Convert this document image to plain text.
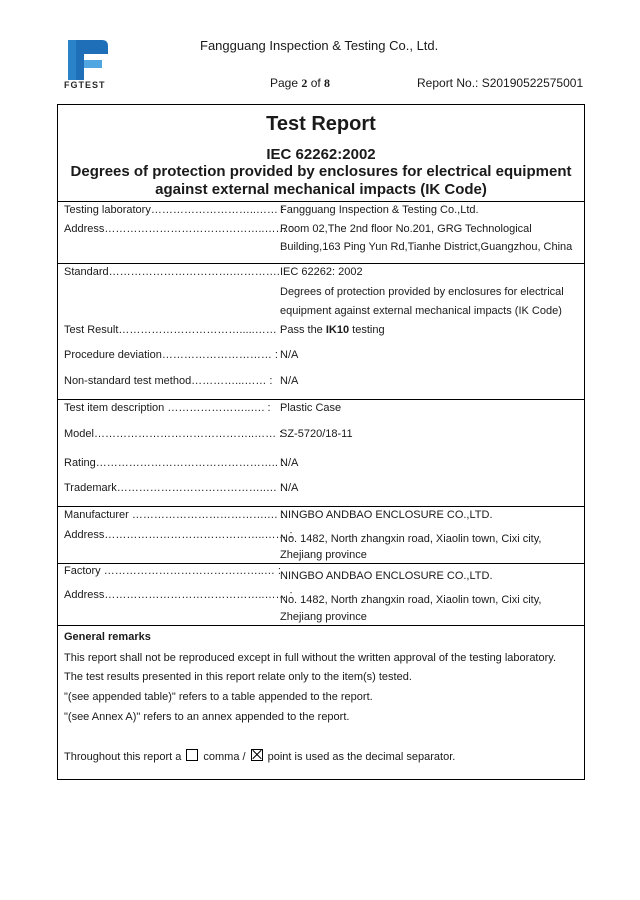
FGTEST
Fangguang Inspection & Testing Co., Ltd.
Page 2 of 8	Report No.: S20190522575001
Test Report
IEC 62262:2002
Degrees of protection provided by enclosures for electrical equipment
against external mechanical impacts (IK Code)
Testing laboratory………………………..…… :
Fangguang Inspection & Testing Co.,Ltd.
Address……………………………………..…… :
Room 02,The 2nd floor No.201, GRG Technological
Building,163 Ping Yun Rd,Tianhe District,Guangzhou, China
Standard…………………………….…………. :
IEC 62262: 2002
Degrees of protection provided by enclosures for electrical
equipment against external mechanical impacts (IK Code)
Test Result…………………………….....…… :
Pass the IK10 testing
Procedure deviation………………………… : N/A
Non-standard test method…………...…… : N/A
Test item description …………………..…. : Plastic Case
Model……………………………………..…… :
SZ-5720/18-11
Rating………………………………………….. :
N/A
Trademark…………………………………..… :
N/A
Manufacturer ……………………………….… :
NINGBO ANDBAO ENCLOSURE CO.,LTD.
Address……………………………………..…… :
No. 1482, North zhangxin road, Xiaolin town, Cixi city,
Zhejiang province
Factory ……………………………………..… : NINGBO ANDBAO ENCLOSURE CO.,LTD.
Address……………………………………..…… :
No. 1482, North zhangxin road, Xiaolin town, Cixi city,
Zhejiang province
General remarks
This report shall not be reproduced except in full without the written approval of the testing laboratory.
The test results presented in this report relate only to the item(s) tested.
"(see appended table)" refers to a table appended to the report.
"(see Annex A)" refers to an annex appended to the report.
Throughout this report a comma / point is used as the decimal separator.
